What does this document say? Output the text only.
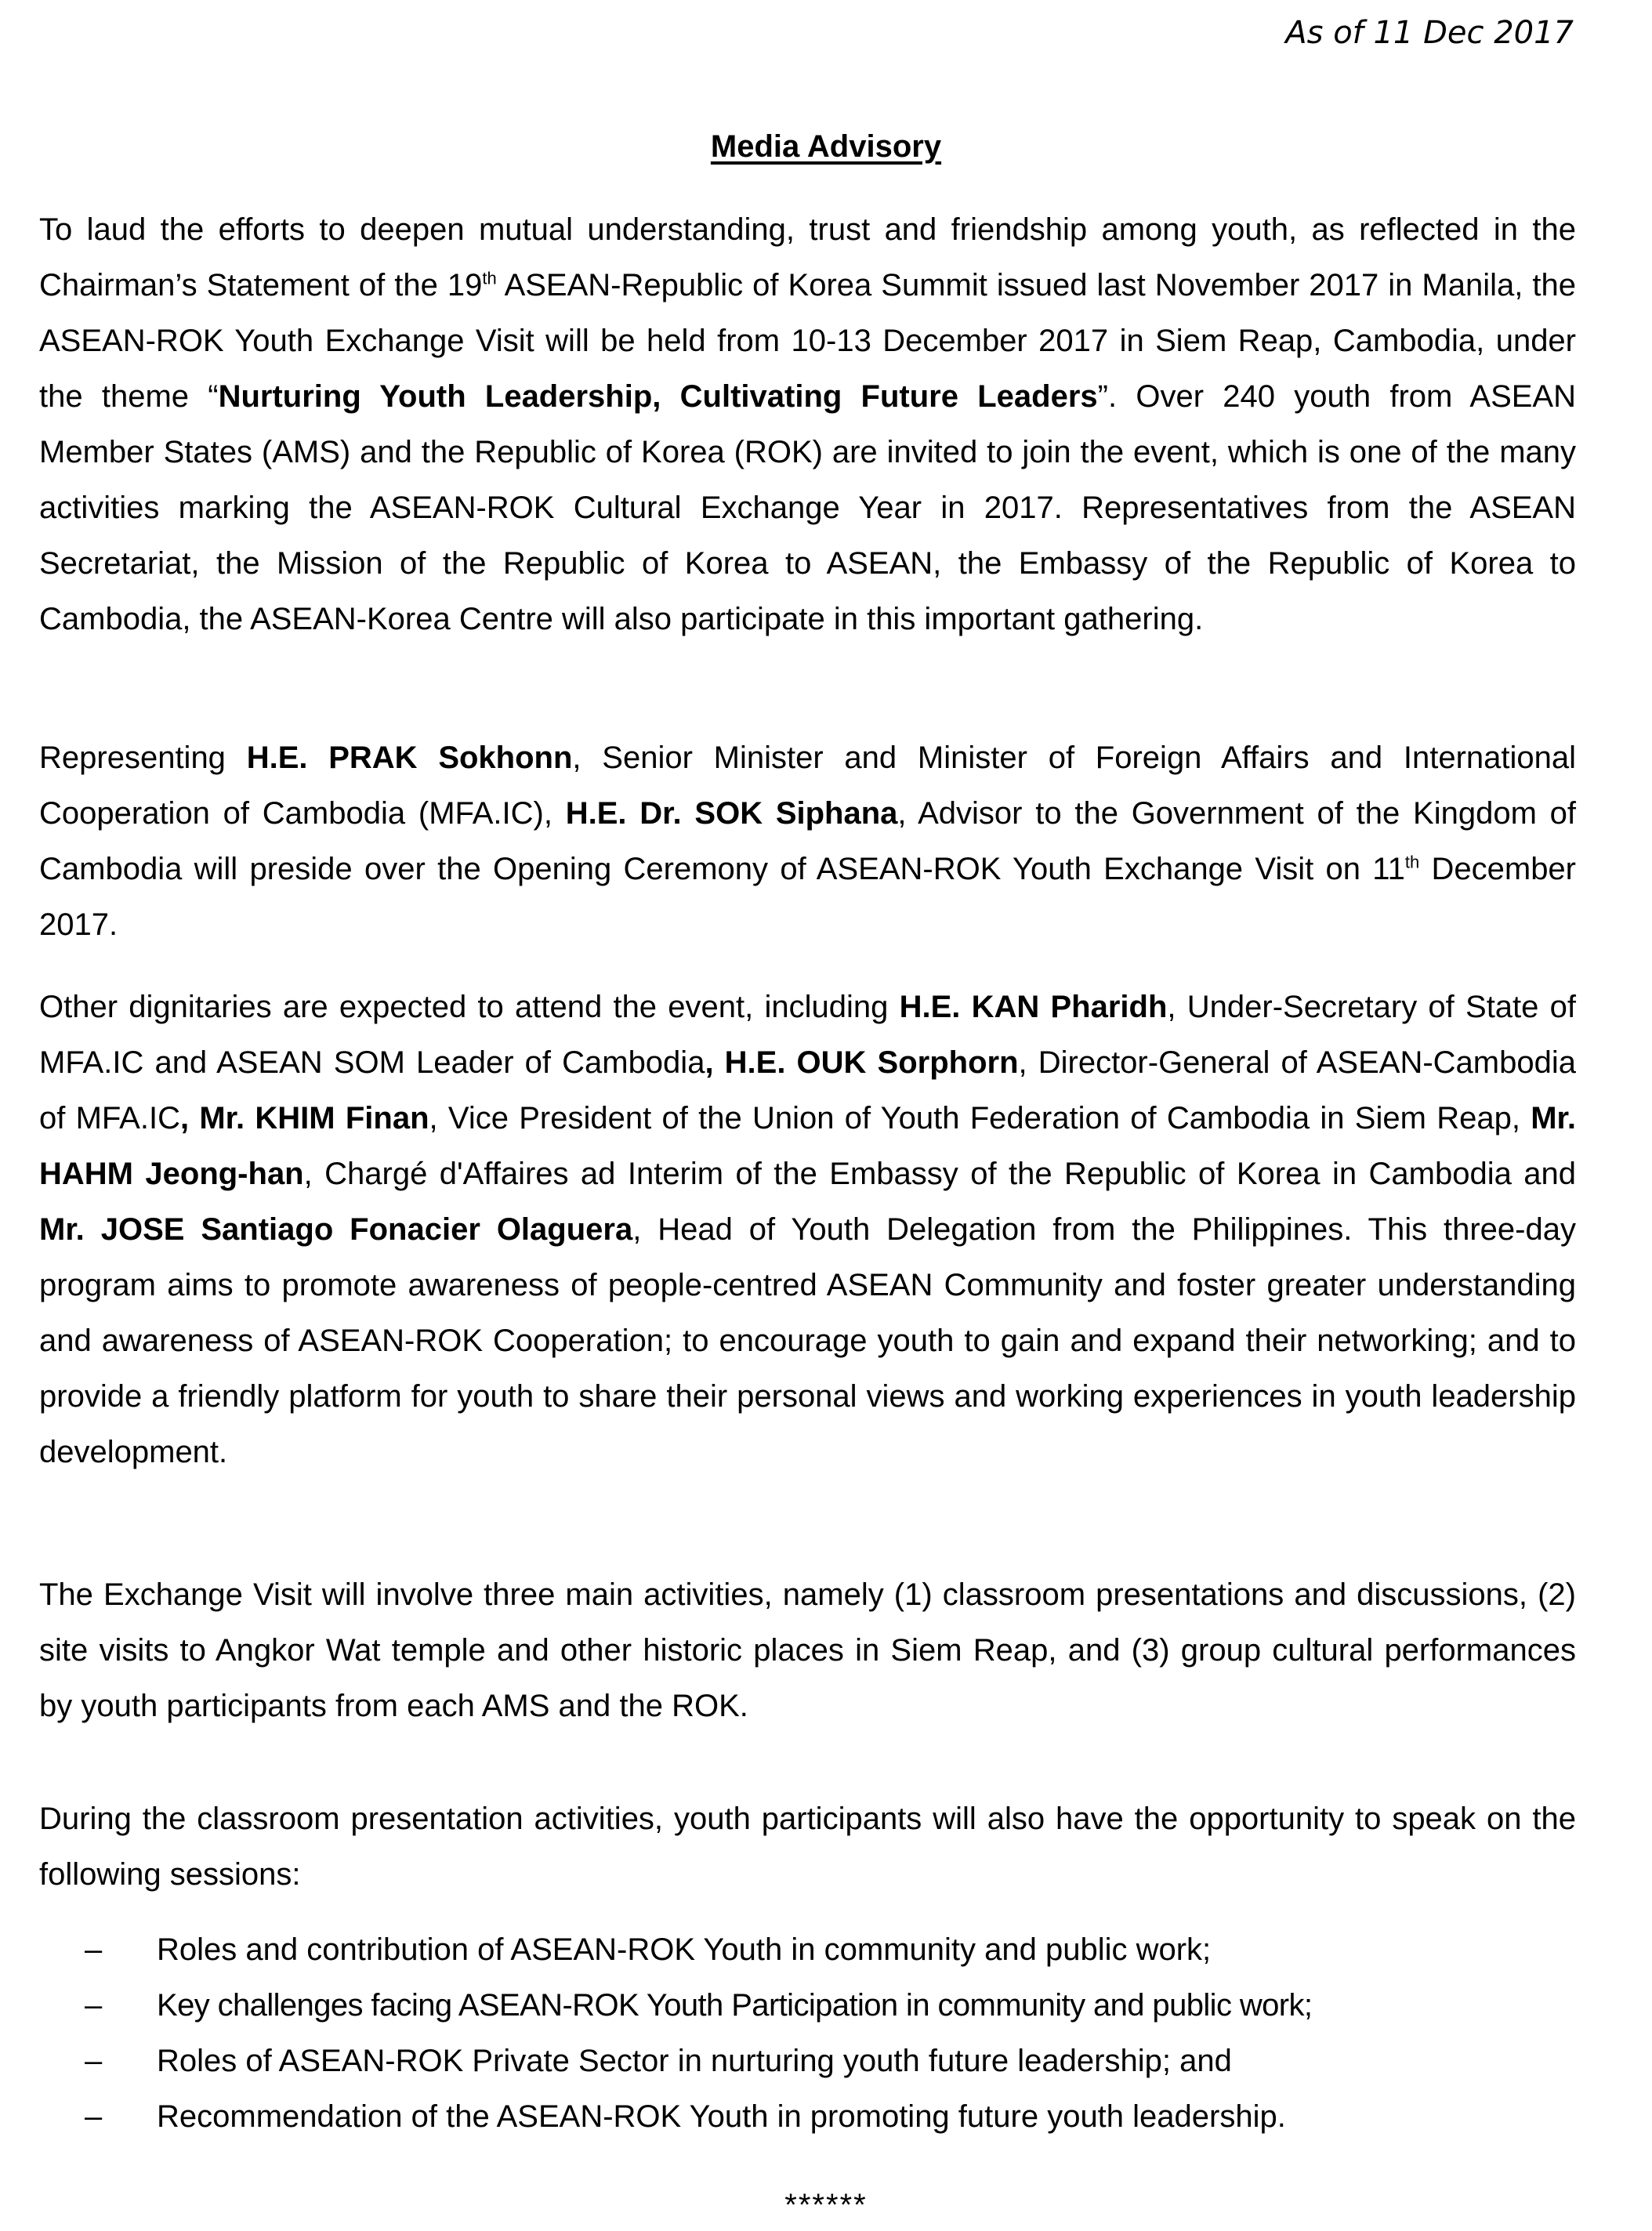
As of 11 Dec 2017
Media Advisory

To laud the efforts to deepen mutual understanding, trust and friendship among youth, as reflected in the Chairman’s Statement of the 19th ASEAN-Republic of Korea Summit issued last November 2017 in Manila, the ASEAN-ROK Youth Exchange Visit will be held from 10-13 December 2017 in Siem Reap, Cambodia, under the theme “Nurturing Youth Leadership, Cultivating Future Leaders”. Over 240 youth from ASEAN Member States (AMS) and the Republic of Korea (ROK) are invited to join the event, which is one of the many activities marking the ASEAN-ROK Cultural Exchange Year in 2017. Representatives from the ASEAN Secretariat, the Mission of the Republic of Korea to ASEAN, the Embassy of the Republic of Korea to Cambodia, the ASEAN-Korea Centre will also participate in this important gathering.

Representing H.E. PRAK Sokhonn, Senior Minister and Minister of Foreign Affairs and International Cooperation of Cambodia (MFA.IC), H.E. Dr. SOK Siphana, Advisor to the Government of the Kingdom of Cambodia will preside over the Opening Ceremony of ASEAN-ROK Youth Exchange Visit on 11th December 2017.

Other dignitaries are expected to attend the event, including H.E. KAN Pharidh, Under-Secretary of State of MFA.IC and ASEAN SOM Leader of Cambodia, H.E. OUK Sorphorn, Director-General of ASEAN-Cambodia of MFA.IC, Mr. KHIM Finan, Vice President of the Union of Youth Federation of Cambodia in Siem Reap, Mr. HAHM Jeong-han, Chargé d'Affaires ad Interim of the Embassy of the Republic of Korea in Cambodia and Mr. JOSE Santiago Fonacier Olaguera, Head of Youth Delegation from the Philippines. This three-day program aims to promote awareness of people-centred ASEAN Community and foster greater understanding and awareness of ASEAN-ROK Cooperation; to encourage youth to gain and expand their networking; and to provide a friendly platform for youth to share their personal views and working experiences in youth leadership development.

The Exchange Visit will involve three main activities, namely (1) classroom presentations and discussions, (2) site visits to Angkor Wat temple and other historic places in Siem Reap, and (3) group cultural performances by youth participants from each AMS and the ROK.

During the classroom presentation activities, youth participants will also have the opportunity to speak on the following sessions:

– Roles and contribution of ASEAN-ROK Youth in community and public work;
– Key challenges facing ASEAN-ROK Youth Participation in community and public work;
– Roles of ASEAN-ROK Private Sector in nurturing youth future leadership; and
– Recommendation of the ASEAN-ROK Youth in promoting future youth leadership.
******
